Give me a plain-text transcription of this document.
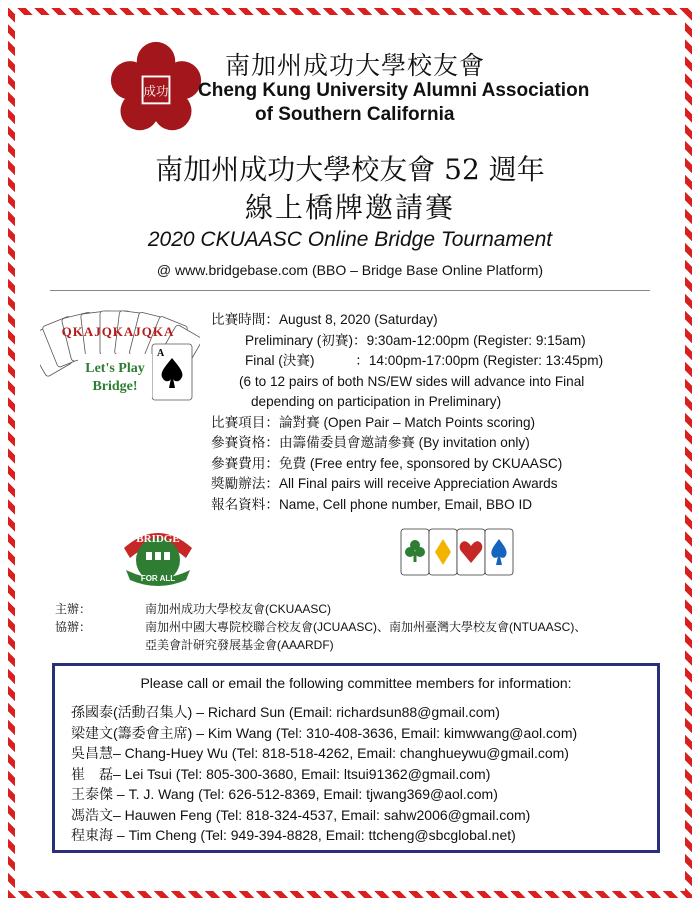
成功
南加州成功大學校友會
Cheng Kung University Alumni Association
of Southern California
南加州成功大學校友會 52 週年
線上橋牌邀請賽
2020 CKUAASC Online Bridge Tournament
@ www.bridgebase.com (BBO – Bridge Base Online Platform)
QKAJQKAJQKA
A
Let's Play
Bridge!
比賽時間：August 8, 2020 (Saturday)
Preliminary (初賽)：9:30am-12:00pm (Register: 9:15am)
Final (決賽)　　　：14:00pm-17:00pm (Register: 13:45pm)
(6 to 12 pairs of both NS/EW sides will advance into Final
depending on participation in Preliminary)
比賽項目：論對賽 (Open Pair – Match Points scoring)
參賽資格：由籌備委員會邀請參賽 (By invitation only)
參賽費用：免費 (Free entry fee, sponsored by CKUAASC)
獎勵辦法：All Final pairs will receive Appreciation Awards
報名資料：Name, Cell phone number, Email, BBO ID
BRIDGE
FOR ALL
主辦：	南加州成功大學校友會(CKUAASC)
協辦：	南加州中國大專院校聯合校友會(JCUAASC)、南加州臺灣大學校友會(NTUAASC)、
亞美會計研究發展基金會(AAARDF)
Please call or email the following committee members for information:
孫國泰(活動召集人) – Richard Sun (Email: richardsun88@gmail.com)
梁建文(籌委會主席) – Kim Wang (Tel: 310-408-3636, Email: kimwwang@aol.com)
吳昌慧– Chang-Huey Wu (Tel: 818-518-4262, Email: changhueywu@gmail.com)
崔　磊– Lei Tsui (Tel: 805-300-3680, Email: ltsui91362@gmail.com)
王泰傑 – T. J. Wang (Tel: 626-512-8369, Email: tjwang369@aol.com)
馮浩文– Hauwen Feng (Tel: 818-324-4537, Email: sahw2006@gmail.com)
程東海 – Tim Cheng (Tel: 949-394-8828, Email: ttcheng@sbcglobal.net)
